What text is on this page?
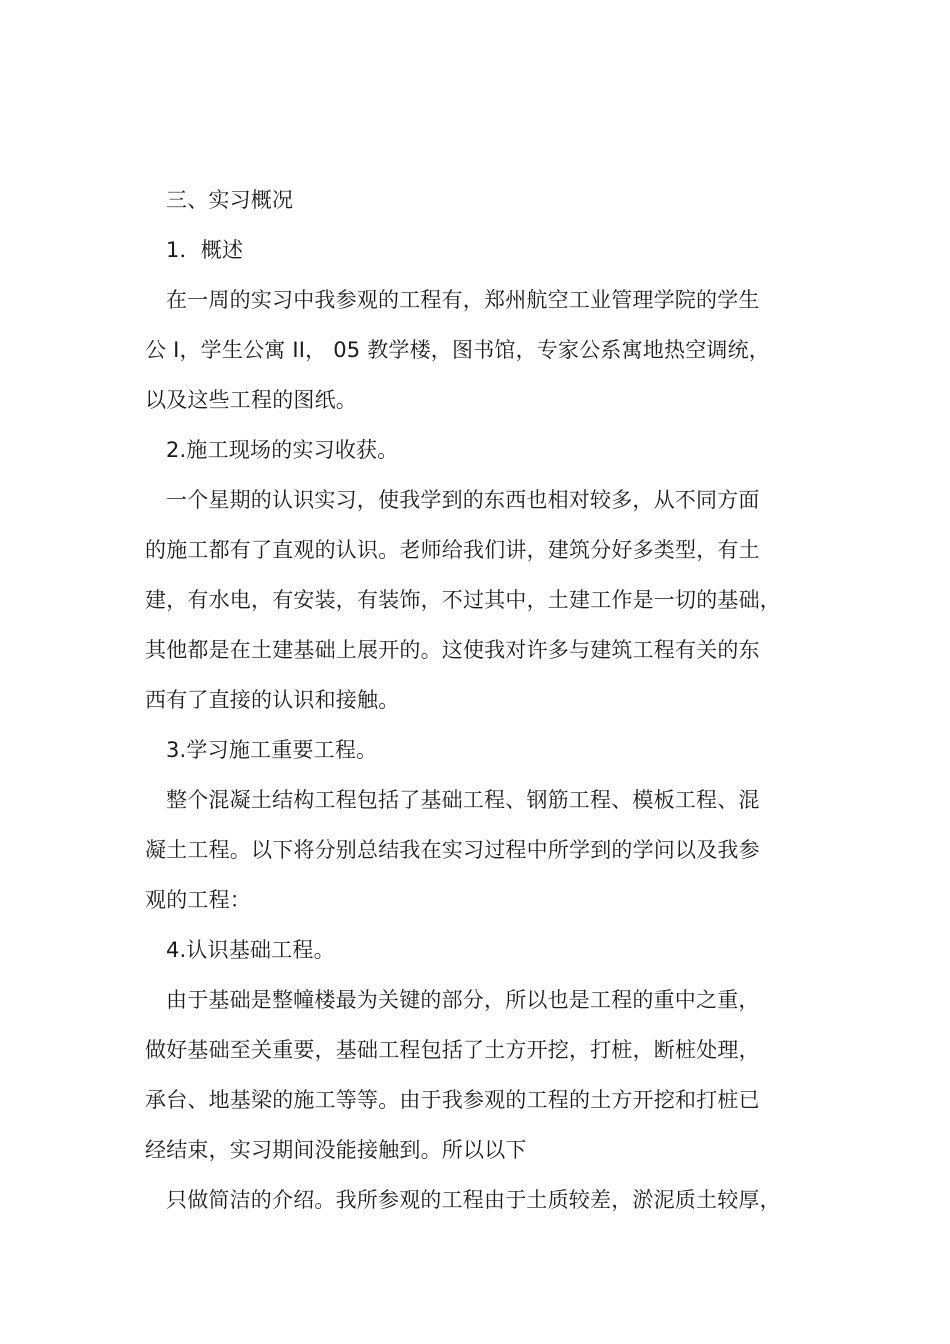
三、实习概况
1．概述
在一周的实习中我参观的工程有，郑州航空工业管理学院的学生
公 I，学生公寓 II， 05 教学楼，图书馆，专家公系寓地热空调统，
以及这些工程的图纸。
2.施工现场的实习收获。
一个星期的认识实习，使我学到的东西也相对较多，从不同方面
的施工都有了直观的认识。老师给我们讲，建筑分好多类型，有土
建，有水电，有安装，有装饰，不过其中，土建工作是一切的基础，
其他都是在土建基础上展开的。这使我对许多与建筑工程有关的东
西有了直接的认识和接触。
3.学习施工重要工程。
整个混凝土结构工程包括了基础工程、钢筋工程、模板工程、混
凝土工程。以下将分别总结我在实习过程中所学到的学问以及我参
观的工程：
4.认识基础工程。
由于基础是整幢楼最为关键的部分，所以也是工程的重中之重，
做好基础至关重要，基础工程包括了土方开挖，打桩，断桩处理，
承台、地基梁的施工等等。由于我参观的工程的土方开挖和打桩已
经结束，实习期间没能接触到。所以以下
只做简洁的介绍。我所参观的工程由于土质较差，淤泥质土较厚，
